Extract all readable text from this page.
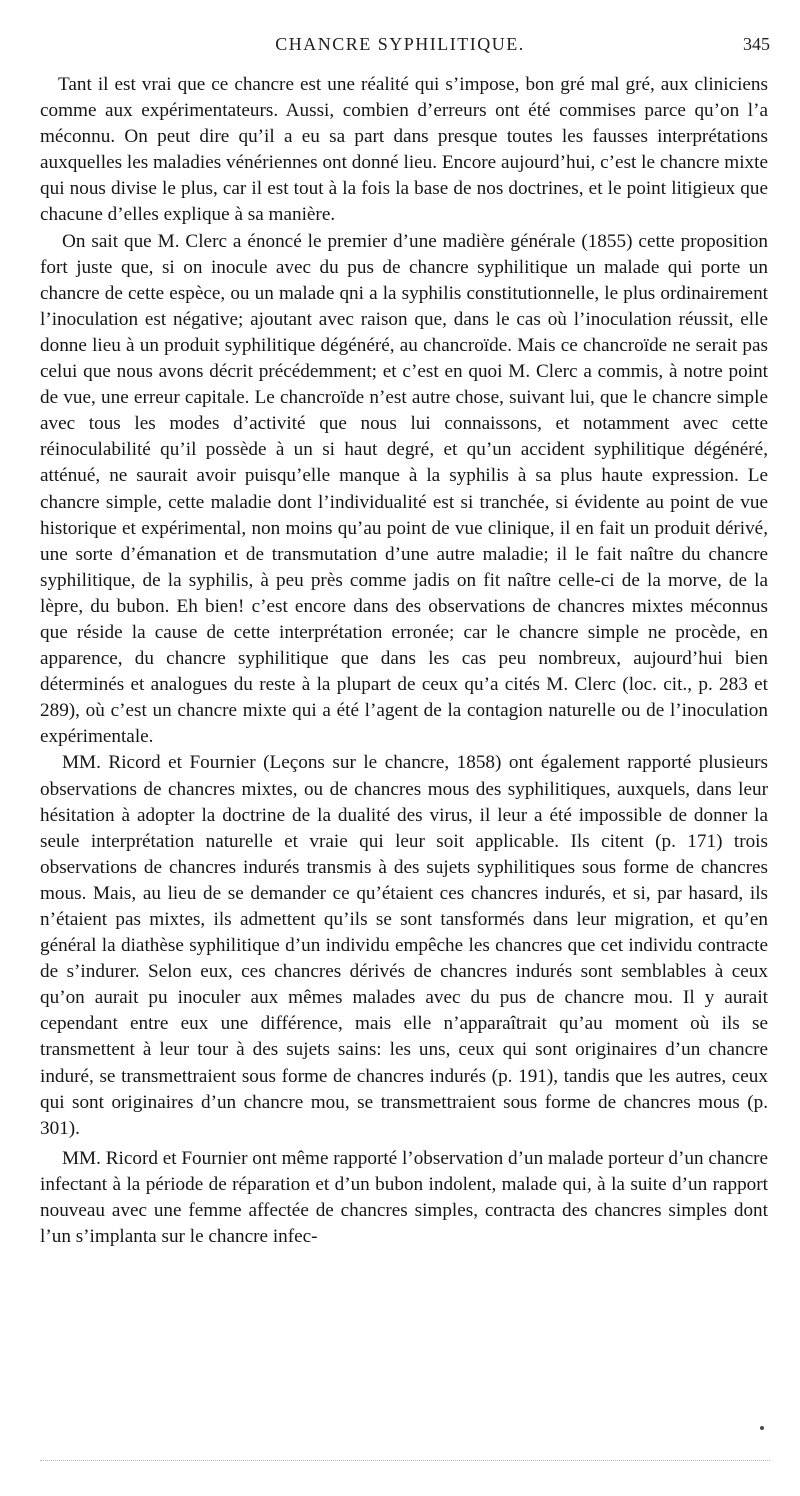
CHANCRE SYPHILITIQUE.	345

Tant il est vrai que ce chancre est une réalité qui s’impose, bon gré mal gré, aux cliniciens comme aux expérimentateurs. Aussi, combien d’erreurs ont été commises parce qu’on l’a méconnu. On peut dire qu’il a eu sa part dans presque toutes les fausses interprétations auxquelles les maladies vénériennes ont donné lieu. Encore aujourd’hui, c’est le chancre mixte qui nous divise le plus, car il est tout à la fois la base de nos doctrines, et le point litigieux que chacune d’elles explique à sa manière.

On sait que M. Clerc a énoncé le premier d’une madière générale (1855) cette proposition fort juste que, si on inocule avec du pus de chancre syphilitique un malade qui porte un chancre de cette espèce, ou un malade qni a la syphilis constitutionnelle, le plus ordinairement l’inoculation est négative; ajoutant avec raison que, dans le cas où l’inoculation réussit, elle donne lieu à un produit syphilitique dégénéré, au chancroïde. Mais ce chancroïde ne serait pas celui que nous avons décrit précédemment; et c’est en quoi M. Clerc a commis, à notre point de vue, une erreur capitale. Le chancroïde n’est autre chose, suivant lui, que le chancre simple avec tous les modes d’activité que nous lui connaissons, et notamment avec cette réinoculabilité qu’il possède à un si haut degré, et qu’un accident syphilitique dégénéré, atténué, ne saurait avoir puisqu’elle manque à la syphilis à sa plus haute expression. Le chancre simple, cette maladie dont l’individualité est si tranchée, si évidente au point de vue historique et expérimental, non moins qu’au point de vue clinique, il en fait un produit dérivé, une sorte d’émanation et de transmutation d’une autre maladie; il le fait naître du chancre syphilitique, de la syphilis, à peu près comme jadis on fit naître celle-ci de la morve, de la lèpre, du bubon. Eh bien! c’est encore dans des observations de chancres mixtes méconnus que réside la cause de cette interprétation erronée; car le chancre simple ne procède, en apparence, du chancre syphilitique que dans les cas peu nombreux, aujourd’hui bien déterminés et analogues du reste à la plupart de ceux qu’a cités M. Clerc (loc. cit., p. 283 et 289), où c’est un chancre mixte qui a été l’agent de la contagion naturelle ou de l’inoculation expérimentale.

MM. Ricord et Fournier (Leçons sur le chancre, 1858) ont également rapporté plusieurs observations de chancres mixtes, ou de chancres mous des syphilitiques, auxquels, dans leur hésitation à adopter la doctrine de la dualité des virus, il leur a été impossible de donner la seule interprétation naturelle et vraie qui leur soit applicable. Ils citent (p. 171) trois observations de chancres indurés transmis à des sujets syphilitiques sous forme de chancres mous. Mais, au lieu de se demander ce qu’étaient ces chancres indurés, et si, par hasard, ils n’étaient pas mixtes, ils admettent qu’ils se sont tansformés dans leur migration, et qu’en général la diathèse syphilitique d’un individu empêche les chancres que cet individu contracte de s’indurer. Selon eux, ces chancres dérivés de chancres indurés sont semblables à ceux qu’on aurait pu inoculer aux mêmes malades avec du pus de chancre mou. Il y aurait cependant entre eux une différence, mais elle n’apparaîtrait qu’au moment où ils se transmettent à leur tour à des sujets sains: les uns, ceux qui sont originaires d’un chancre induré, se transmettraient sous forme de chancres indurés (p. 191), tandis que les autres, ceux qui sont originaires d’un chancre mou, se transmettraient sous forme de chancres mous (p. 301).

MM. Ricord et Fournier ont même rapporté l’observation d’un malade porteur d’un chancre infectant à la période de réparation et d’un bubon indolent, malade qui, à la suite d’un rapport nouveau avec une femme affectée de chancres simples, contracta des chancres simples dont l’un s’implanta sur le chancre infec-
